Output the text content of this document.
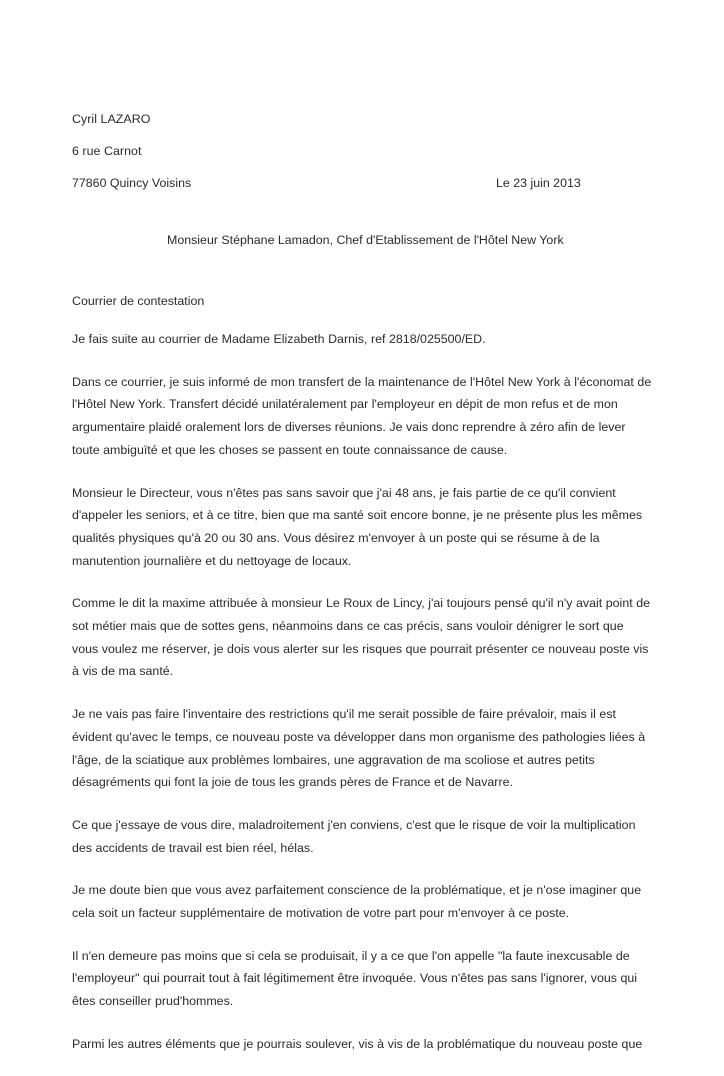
Cyril LAZARO
6 rue Carnot
77860 Quincy Voisins	Le 23 juin 2013
Monsieur Stéphane Lamadon, Chef d'Etablissement de l'Hôtel New York
Courrier de contestation

Je fais suite au courrier de Madame Elizabeth Darnis, ref 2818/025500/ED.

Dans ce courrier, je suis informé de mon transfert de la maintenance de l'Hôtel New York à l'économat de l'Hôtel New York. Transfert décidé unilatéralement par l'employeur en dépit de mon refus et de mon argumentaire plaidé oralement lors de diverses réunions. Je vais donc reprendre à zéro afin de lever toute ambiguïté et que les choses se passent en toute connaissance de cause.

Monsieur le Directeur, vous n'êtes pas sans savoir que j'ai 48 ans, je fais partie de ce qu'il convient d'appeler les seniors, et à ce titre, bien que ma santé soit encore bonne, je ne présente plus les mêmes qualités physiques qu'à 20 ou 30 ans. Vous désirez m'envoyer à un poste qui se résume à de la manutention journalière et du nettoyage de locaux.

Comme le dit la maxime attribuée à monsieur Le Roux de Lincy, j'ai toujours pensé qu'il n'y avait point de sot métier mais que de sottes gens, néanmoins dans ce cas précis, sans vouloir dénigrer le sort que vous voulez me réserver, je dois vous alerter sur les risques que pourrait présenter ce nouveau poste vis à vis de ma santé.

Je ne vais pas faire l'inventaire des restrictions qu'il me serait possible de faire prévaloir, mais il est évident qu'avec le temps, ce nouveau poste va développer dans mon organisme des pathologies liées à l'âge, de la sciatique aux problèmes lombaires, une aggravation de ma scoliose et autres petits désagréments qui font la joie de tous les grands pères de France et de Navarre.

Ce que j'essaye de vous dire, maladroitement j'en conviens, c'est que le risque de voir la multiplication des accidents de travail est bien réel, hélas.

Je me doute bien que vous avez parfaitement conscience de la problématique, et je n'ose imaginer que cela soit un facteur supplémentaire de motivation de votre part pour m'envoyer à ce poste.

Il n'en demeure pas moins que si cela se produisait, il y a ce que l'on appelle "la faute inexcusable de l'employeur" qui pourrait tout à fait légitimement être invoquée. Vous n'êtes pas sans l'ignorer, vous qui êtes conseiller prud'hommes.

Parmi les autres éléments que je pourrais soulever, vis à vis de la problématique du nouveau poste que
